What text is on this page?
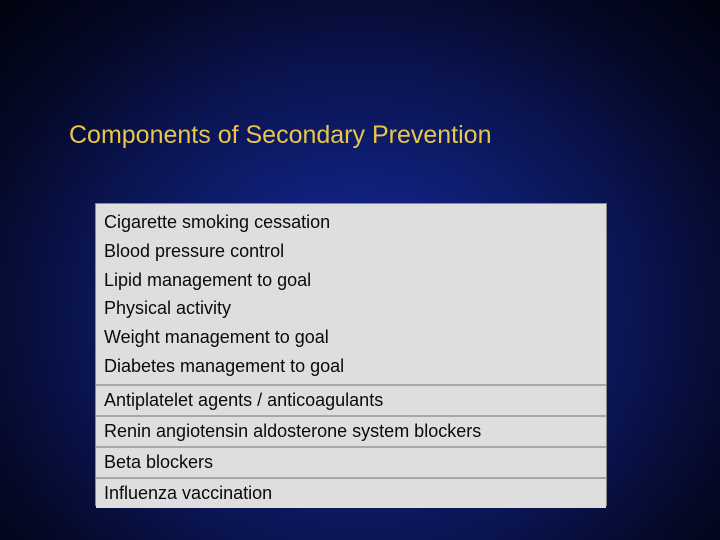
Components of Secondary Prevention
Cigarette smoking cessation
Blood pressure control
Lipid management to goal
Physical activity
Weight management to goal
Diabetes management to goal
Antiplatelet agents / anticoagulants
Renin angiotensin aldosterone system blockers
Beta blockers
Influenza vaccination
